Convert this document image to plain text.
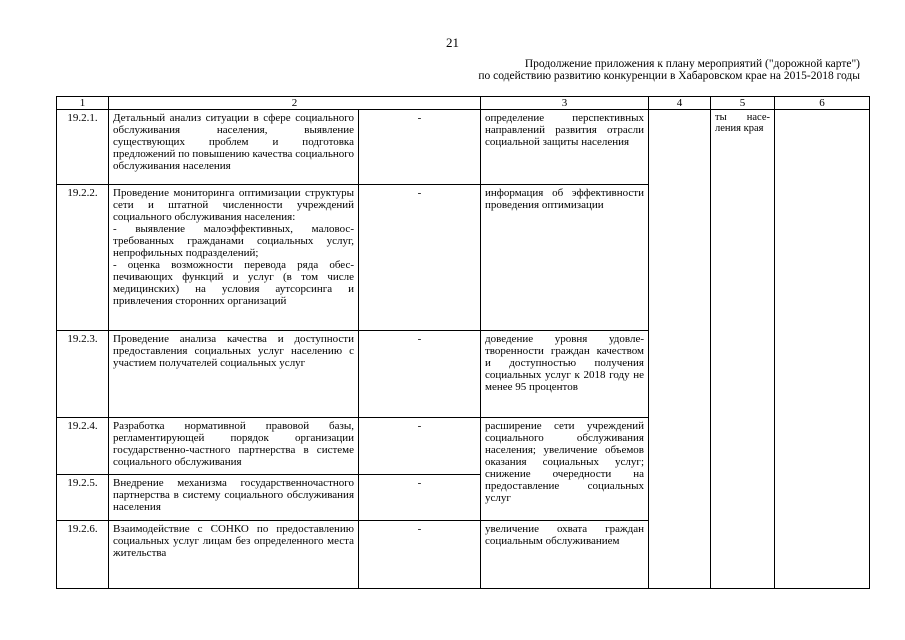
21
Продолжение приложения к плану мероприятий ("дорожной карте")
по содействию развитию конкуренции в Хабаровском крае на 2015-2018 годы
1	2		3	4	5	6
19.2.1.	Детальный анализ ситуации в сфере социального обслуживания населения, выявление существующих проблем и подготовка предложений по повышению качества социального обслуживания населения	-	определение перспективных направлений развития отрасли социальной защиты населения		ты населения края	
19.2.2.	Проведение мониторинга оптимизации структуры сети и штатной численности учреждений социального обслуживания населения:
- выявление малоэффективных, маловостребованных гражданами социальных услуг, непрофильных подразделений;
- оценка возможности перевода ряда обеспечивающих функций и услуг (в том числе медицинских) на условия аутсорсинга и привлечения сторонних организаций	-	информация об эффективности проведения оптимизации			
19.2.3.	Проведение анализа качества и доступности предоставления социальных услуг населению с участием получателей социальных услуг	-	доведение уровня удовлетворенности граждан качеством и доступностью получения социальных услуг к 2018 году не менее 95 процентов			
19.2.4.	Разработка нормативной правовой базы, регламентирующей порядок организации государственно-частного партнерства в системе социального обслуживания	-	расширение сети учреждений социального обслуживания населения; увеличение объемов оказания социальных услуг; снижение очередности на предоставление социальных услуг			
19.2.5.	Внедрение механизма государственночастного партнерства в систему социального обслуживания населения	-				
19.2.6.	Взаимодействие с СОНКО по предоставлению социальных услуг лицам без определенного места жительства	-	увеличение охвата граждан социальным обслуживанием			
